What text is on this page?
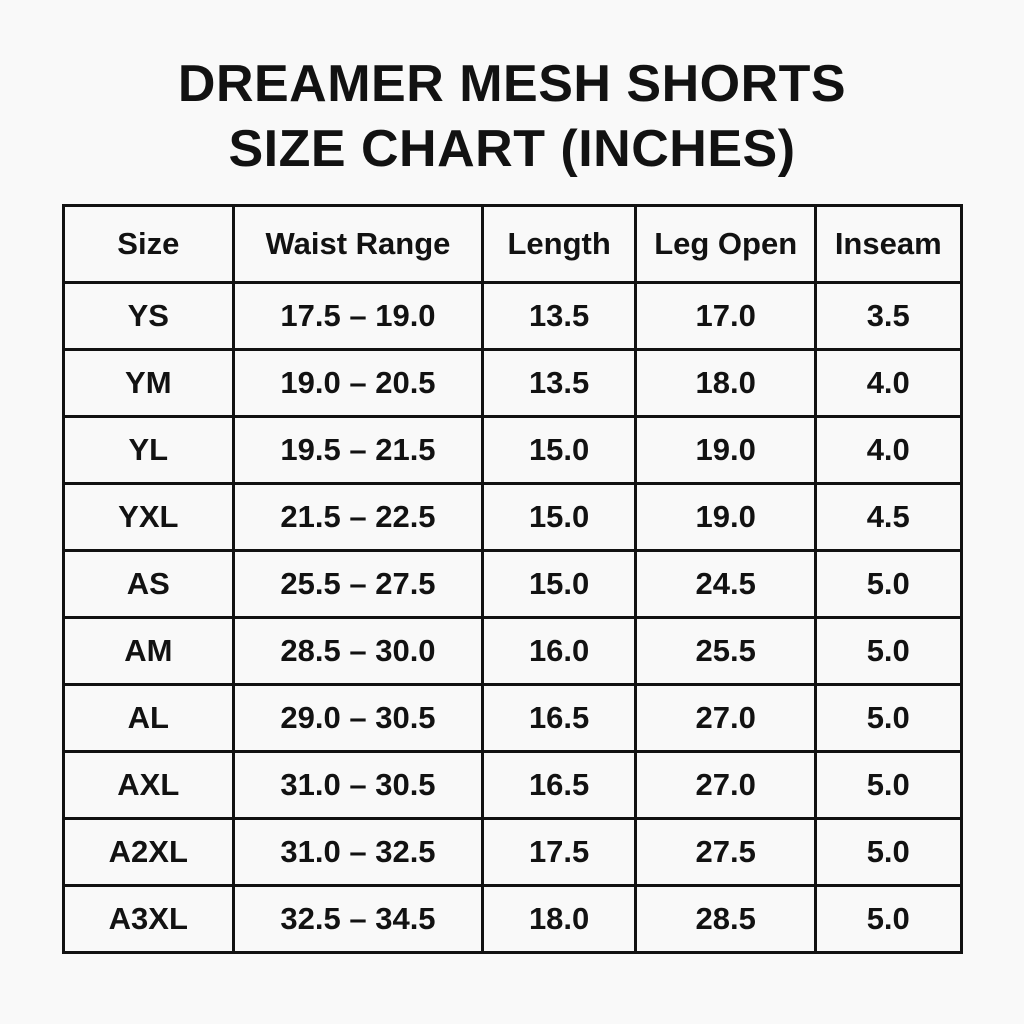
DREAMER MESH SHORTS
SIZE CHART (INCHES)
Size	Waist Range	Length	Leg Open	Inseam
YS	17.5 – 19.0	13.5	17.0	3.5
YM	19.0 – 20.5	13.5	18.0	4.0
YL	19.5 – 21.5	15.0	19.0	4.0
YXL	21.5 – 22.5	15.0	19.0	4.5
AS	25.5 – 27.5	15.0	24.5	5.0
AM	28.5 – 30.0	16.0	25.5	5.0
AL	29.0 – 30.5	16.5	27.0	5.0
AXL	31.0 – 30.5	16.5	27.0	5.0
A2XL	31.0 – 32.5	17.5	27.5	5.0
A3XL	32.5 – 34.5	18.0	28.5	5.0
